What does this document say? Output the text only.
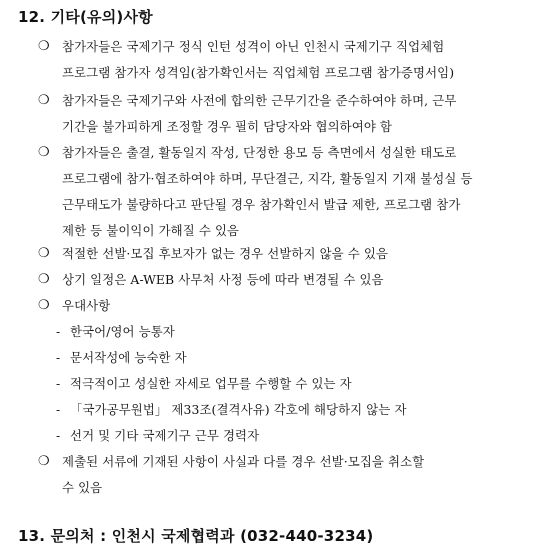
12. 기타(유의)사항
❍ 참가자들은 국제기구 정식 인턴 성격이 아닌 인천시 국제기구 직업체험
프로그램 참가자 성격임(참가확인서는 직업체험 프로그램 참가증명서임)
❍ 참가자들은 국제기구와 사전에 합의한 근무기간을 준수하여야 하며, 근무
기간을 불가피하게 조정할 경우 필히 담당자와 협의하여야 함
❍ 참가자들은 출결, 활동일지 작성, 단정한 용모 등 측면에서 성실한 태도로
프로그램에 참가·협조하여야 하며, 무단결근, 지각, 활동일지 기재 불성실 등
근무태도가 불량하다고 판단될 경우 참가확인서 발급 제한, 프로그램 참가
제한 등 불이익이 가해질 수 있음
❍ 적절한 선발·모집 후보자가 없는 경우 선발하지 않을 수 있음
❍ 상기 일정은 A-WEB 사무처 사정 등에 따라 변경될 수 있음
❍ 우대사항
- 한국어/영어 능통자
- 문서작성에 능숙한 자
- 적극적이고 성실한 자세로 업무를 수행할 수 있는 자
- 「국가공무원법」 제33조(결격사유) 각호에 해당하지 않는 자
- 선거 및 기타 국제기구 근무 경력자
❍ 제출된 서류에 기재된 사항이 사실과 다를 경우 선발·모집을 취소할
수 있음
13. 문의처 : 인천시 국제협력과 (032-440-3234)
